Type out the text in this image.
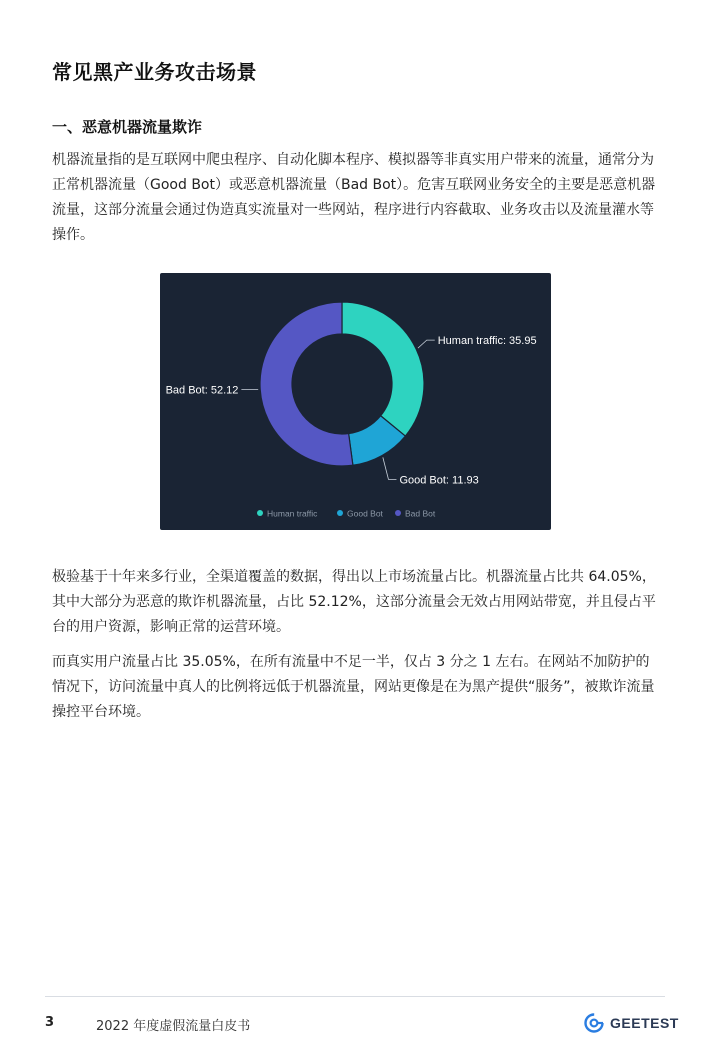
常见黑产业务攻击场景
一、恶意机器流量欺诈

机器流量指的是互联网中爬虫程序、自动化脚本程序、模拟器等非真实用户带来的流量，通常分为正常机器流量（Good Bot）或恶意机器流量（Bad Bot）。危害互联网业务安全的主要是恶意机器流量，这部分流量会通过伪造真实流量对一些网站，程序进行内容截取、业务攻击以及流量灌水等操作。

Human traffic: 35.95
Good Bot: 11.93
Bad Bot: 52.12
Human traffic	Good Bot	Bad Bot

极验基于十年来多行业，全渠道覆盖的数据，得出以上市场流量占比。机器流量占比共 64.05%，其中大部分为恶意的欺诈机器流量，占比 52.12%，这部分流量会无效占用网站带宽，并且侵占平台的用户资源，影响正常的运营环境。

而真实用户流量占比 35.05%，在所有流量中不足一半，仅占 3 分之 1 左右。在网站不加防护的情况下，访问流量中真人的比例将远低于机器流量，网站更像是在为黑产提供“服务”，被欺诈流量操控平台环境。

3	2022 年度虚假流量白皮书	GEETEST
